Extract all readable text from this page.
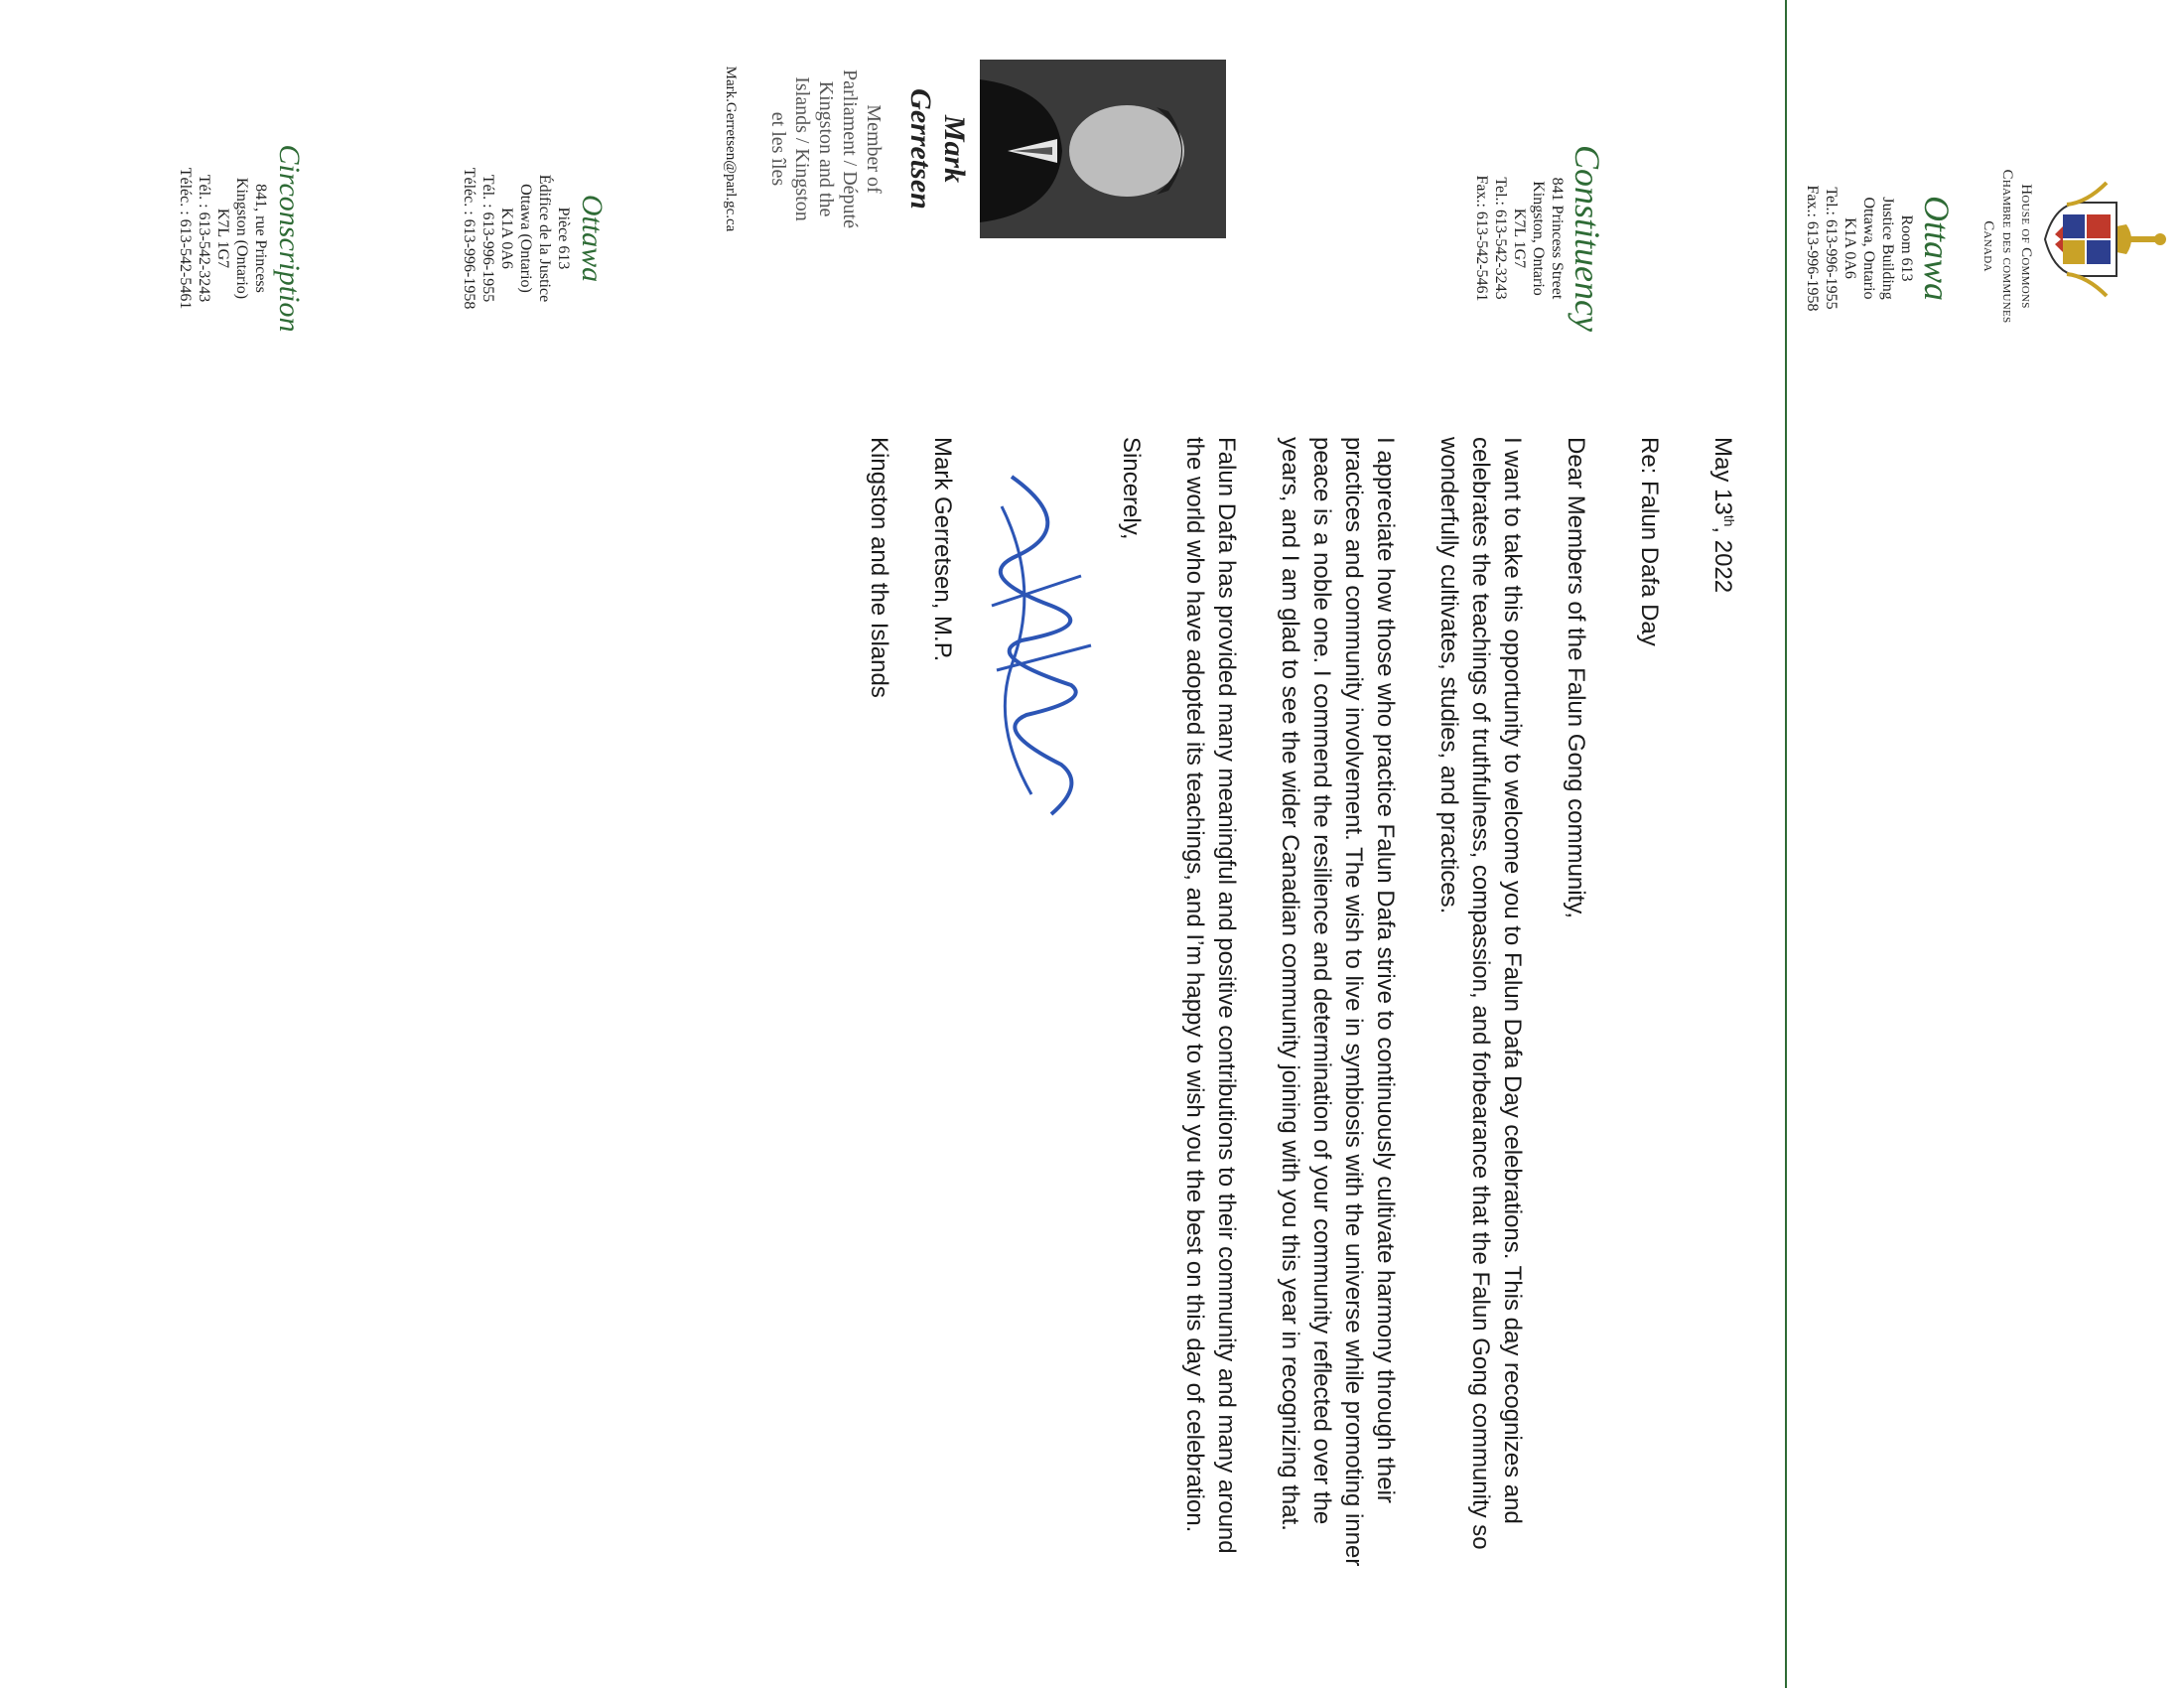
House of Commons
Chambre des communes
Canada
Ottawa
Room 613
Justice Building
Ottawa, Ontario
K1A 0A6
Tel.: 613-996-1955
Fax.: 613-996-1958
Constituency
841 Princess Street
Kingston, Ontario
K7L 1G7
Tel.: 613-542-3243
Fax.: 613-542-5461
Mark
Gerretsen
Member of
Parliament / Député
Kingston and the
Islands / Kingston
et les îles
Mark.Gerretsen@parl.gc.ca
Ottawa
Pièce 613
Édifice de la Justice
Ottawa (Ontario)
K1A 0A6
Tél. : 613-996-1955
Téléc. : 613-996-1958
Circonscription
841, rue Princess
Kingston (Ontario)
K7L 1G7
Tél. : 613-542-3243
Téléc. : 613-542-5461

May 13th, 2022

Re: Falun Dafa Day

Dear Members of the Falun Gong community,

I want to take this opportunity to welcome you to Falun Dafa Day celebrations. This day recognizes and celebrates the teachings of truthfulness, compassion, and forbearance that the Falun Gong community so wonderfully cultivates, studies, and practices.

I appreciate how those who practice Falun Dafa strive to continuously cultivate harmony through their practices and community involvement. The wish to live in symbiosis with the universe while promoting inner peace is a noble one. I commend the resilience and determination of your community reflected over the years, and I am glad to see the wider Canadian community joining with you this year in recognizing that.

Falun Dafa has provided many meaningful and positive contributions to their community and many around the world who have adopted its teachings, and I’m happy to wish you the best on this day of celebration.

Sincerely,

Mark Gerretsen, M.P.

Kingston and the Islands
